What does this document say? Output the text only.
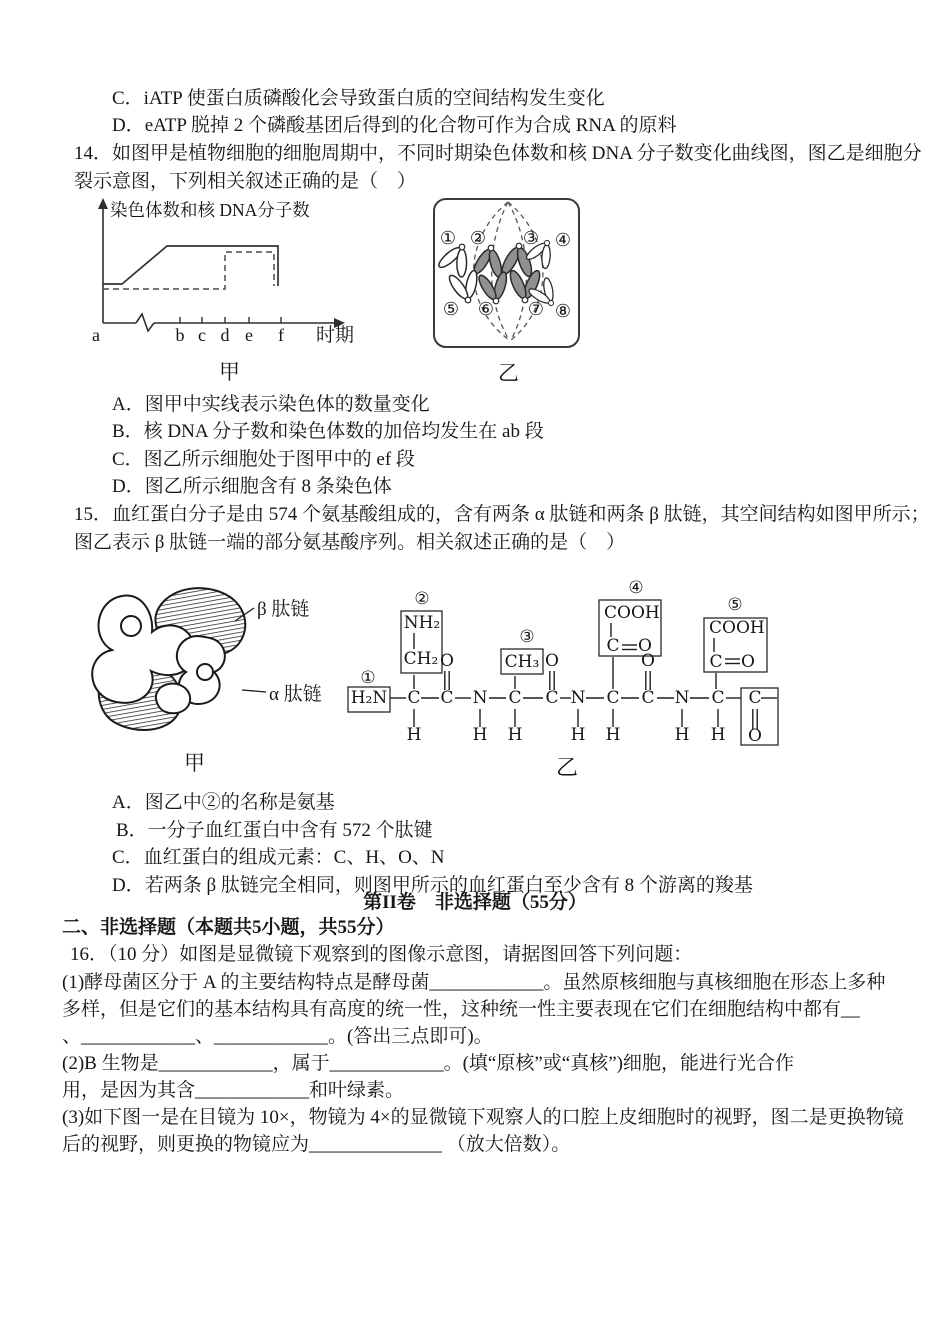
C．iATP 使蛋白质磷酸化会导致蛋白质的空间结构发生变化
D．eATP 脱掉 2 个磷酸基团后得到的化合物可作为合成 RNA 的原料
14．如图甲是植物细胞的细胞周期中，不同时期染色体数和核 DNA 分子数变化曲线图，图乙是细胞分
裂示意图，下列相关叙述正确的是（　）
染色体数和核 DNA分子数
时期
a	b c d e f
甲
① ② ③ ④
⑤ ⑥ ⑦ ⑧
乙
A．图甲中实线表示染色体的数量变化
B．核 DNA 分子数和染色体数的加倍均发生在 ab 段
C．图乙所示细胞处于图甲中的 ef 段
D．图乙所示细胞含有 8 条染色体
15．血红蛋白分子是由 574 个氨基酸组成的，含有两条 α 肽链和两条 β 肽链，其空间结构如图甲所示；
图乙表示 β 肽链一端的部分氨基酸序列。相关叙述正确的是（　）
β 肽链
α 肽链
甲
H₂N C C N C C N C C N C C
H	H H	H H	H H
O	O	O
O
NH₂
CH₂	CH₃
COOH
C O
COOH
C O
①
②
③
④
⑤
乙
A．图乙中②的名称是氨基
B．一分子血红蛋白中含有 572 个肽键
C．血红蛋白的组成元素：C、H、O、N
D．若两条 β 肽链完全相同，则图甲所示的血红蛋白至少含有 8 个游离的羧基
第II卷　非选择题（55分）
二、非选择题（本题共5小题，共55分）
16．（10 分）如图是显微镜下观察到的图像示意图，请据图回答下列问题：
(1)酵母菌区分于 A 的主要结构特点是酵母菌____________。虽然原核细胞与真核细胞在形态上多种
多样，但是它们的基本结构具有高度的统一性，这种统一性主要表现在它们在细胞结构中都有__
、____________、____________。(答出三点即可)。
(2)B 生物是____________，属于____________。(填“原核”或“真核”)细胞，能进行光合作
用，是因为其含____________和叶绿素。
(3)如下图一是在目镜为 10×，物镜为 4×的显微镜下观察人的口腔上皮细胞时的视野，图二是更换物镜
后的视野，则更换的物镜应为______________ （放大倍数）。
